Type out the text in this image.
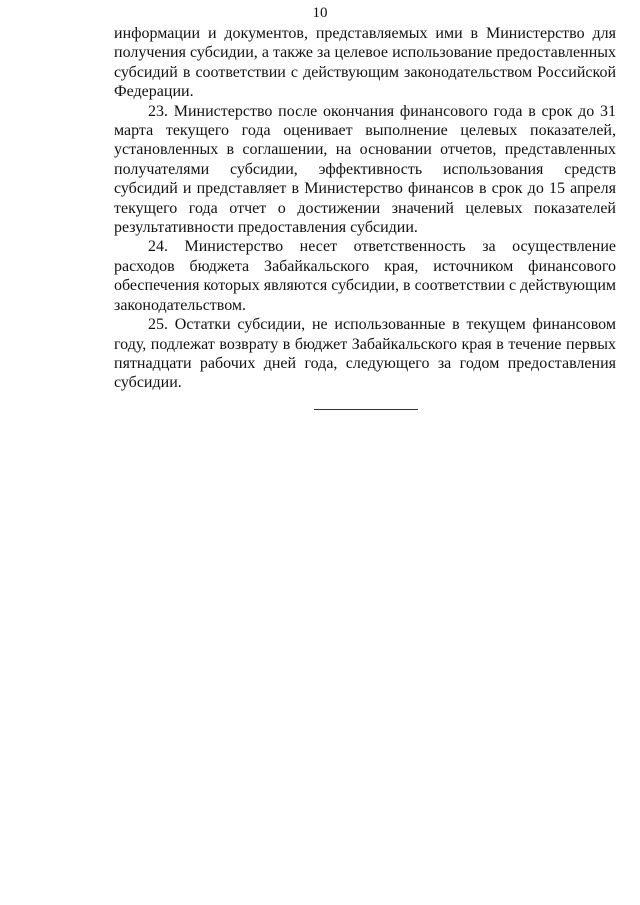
10

информации и документов, представляемых ими в Министерство для получения субсидии, а также за целевое использование предоставленных субсидий в соответствии с действующим законодательством Российской Федерации.

23. Министерство после окончания финансового года в срок до 31 марта текущего года оценивает выполнение целевых показателей, установленных в соглашении, на основании отчетов, представленных получателями субсидии, эффективность использования средств субсидий и представляет в Министерство финансов в срок до 15 апреля текущего года отчет о достижении значений целевых показателей результативности предоставления субсидии.

24. Министерство несет ответственность за осуществление расходов бюджета Забайкальского края, источником финансового обеспечения которых являются субсидии, в соответствии с действующим законодательством.

25. Остатки субсидии, не использованные в текущем финансовом году, подлежат возврату в бюджет Забайкальского края в течение первых пятнадцати рабочих дней года, следующего за годом предоставления субсидии.
